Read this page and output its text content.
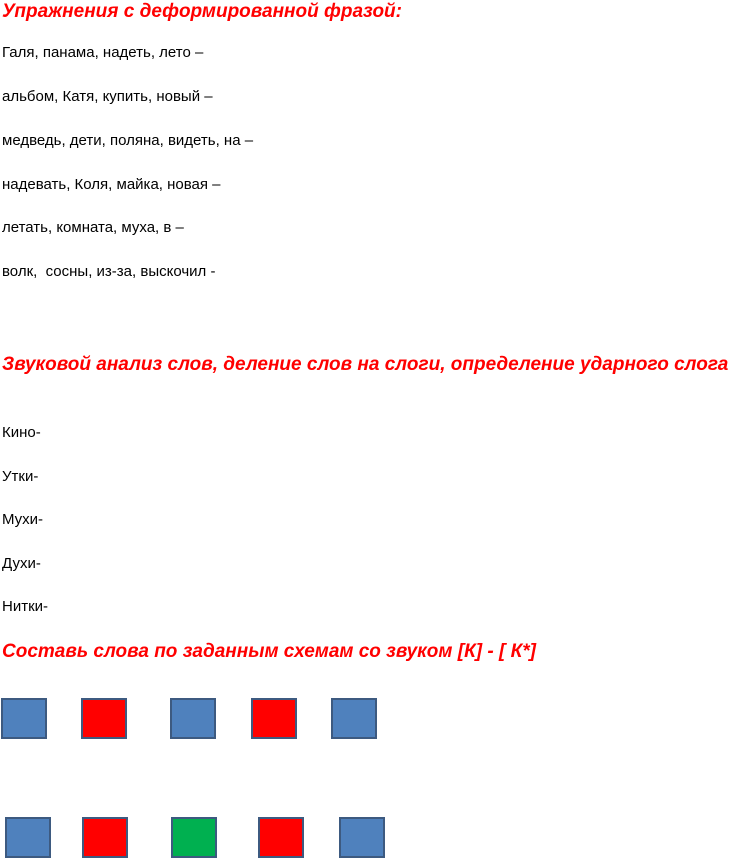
Упражнения с деформированной фразой:

Галя, панама, надеть, лето –

альбом, Катя, купить, новый –

медведь, дети, поляна, видеть, на –

надевать, Коля, майка, новая –

летать, комната, муха, в –

волк,  сосны, из-за, выскочил -

Звуковой анализ слов, деление слов на слоги, определение ударного слога

Кино-

Утки-

Мухи-

Духи-

Нитки-

Составь слова по заданным схемам со звуком [К] - [ К*]
